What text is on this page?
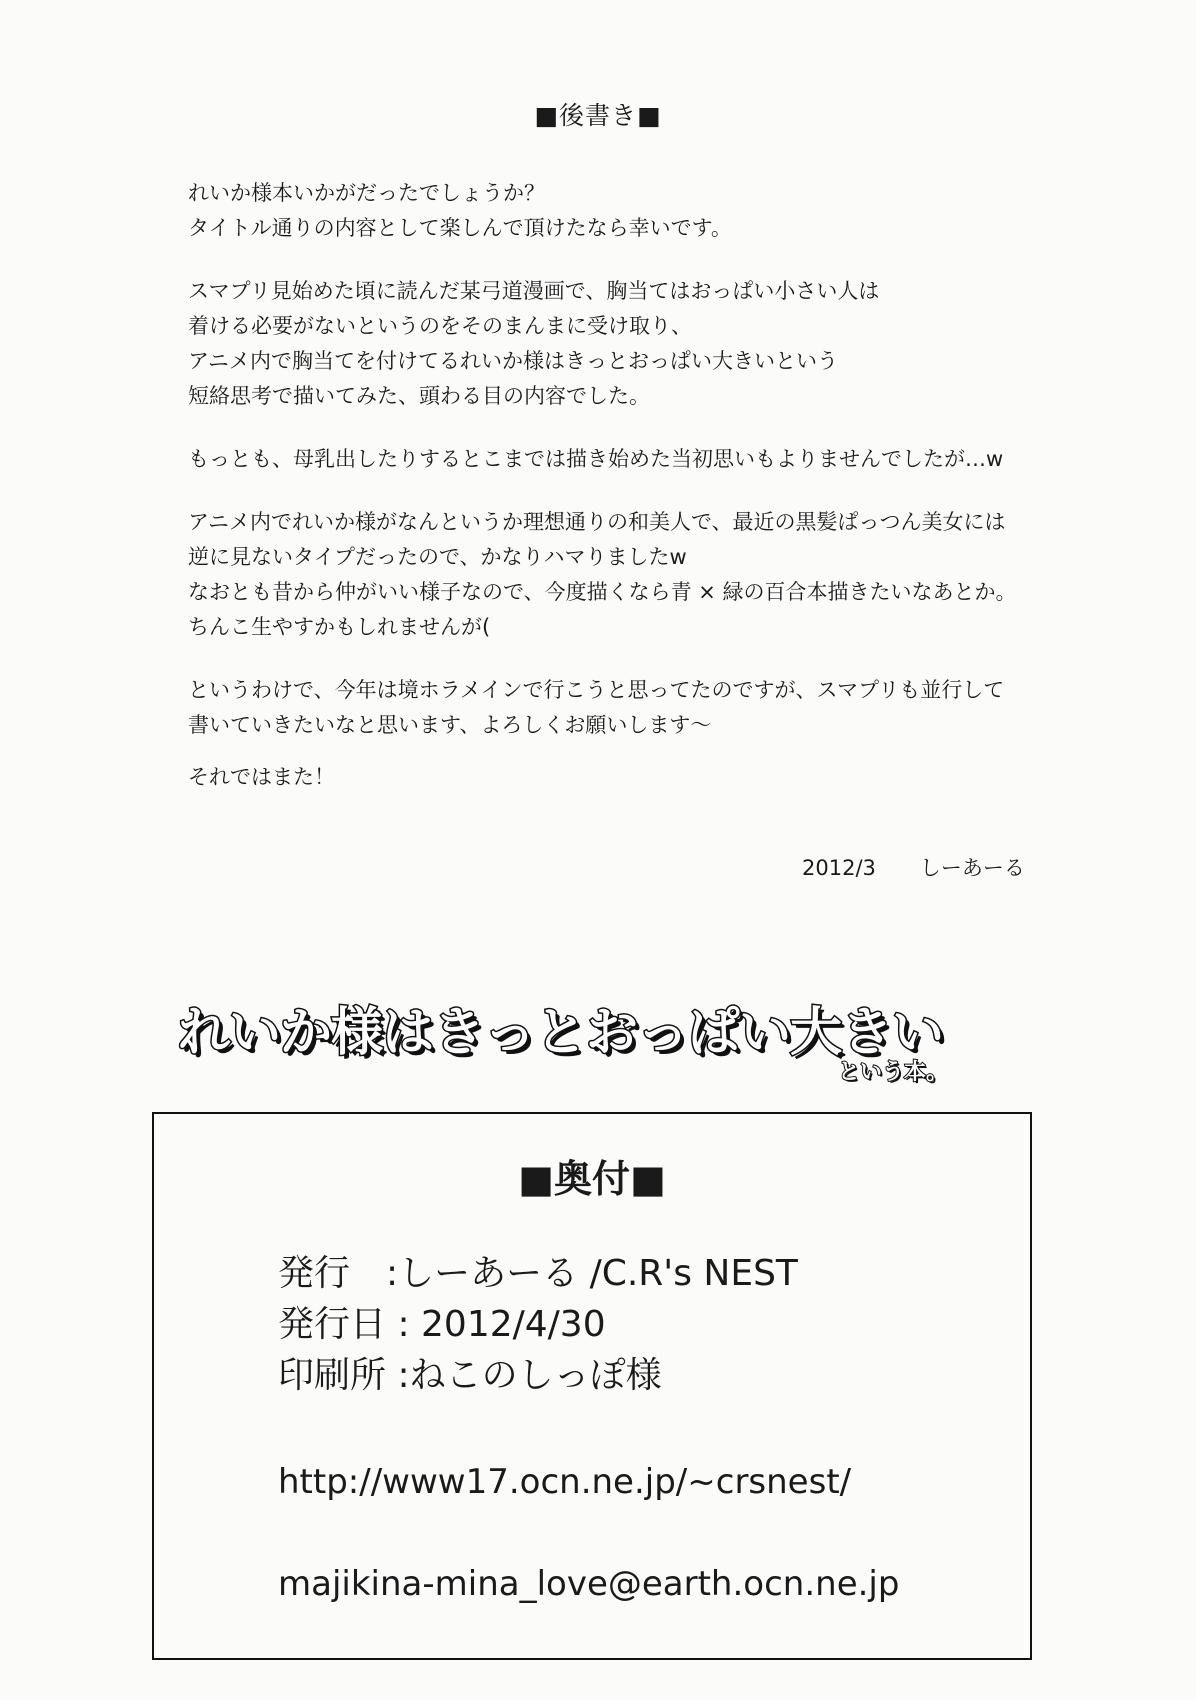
■後書き■

れいか様本いかがだったでしょうか？
タイトル通りの内容として楽しんで頂けたなら幸いです。

スマプリ見始めた頃に読んだ某弓道漫画で、胸当てはおっぱい小さい人は
着ける必要がないというのをそのまんまに受け取り、
アニメ内で胸当てを付けてるれいか様はきっとおっぱい大きいという
短絡思考で描いてみた、頭わる目の内容でした。

もっとも、母乳出したりするとこまでは描き始めた当初思いもよりませんでしたが…w

アニメ内でれいか様がなんというか理想通りの和美人で、最近の黒髪ぱっつん美女には
逆に見ないタイプだったので、かなりハマりましたw
なおとも昔から仲がいい様子なので、今度描くなら青 × 緑の百合本描きたいなあとか。
ちんこ生やすかもしれませんが(

というわけで、今年は境ホラメインで行こうと思ってたのですが、スマプリも並行して
書いていきたいなと思います、よろしくお願いします～

それではまた！
2012/3 しーあーる
れいか様はきっとおっぱい大きい
という本。
■奥付■
発行　:しーあーる /C.R's NEST
発行日 : 2012/4/30
印刷所 :ねこのしっぽ様
http://www17.ocn.ne.jp/~crsnest/
majikina-mina_love@earth.ocn.ne.jp
